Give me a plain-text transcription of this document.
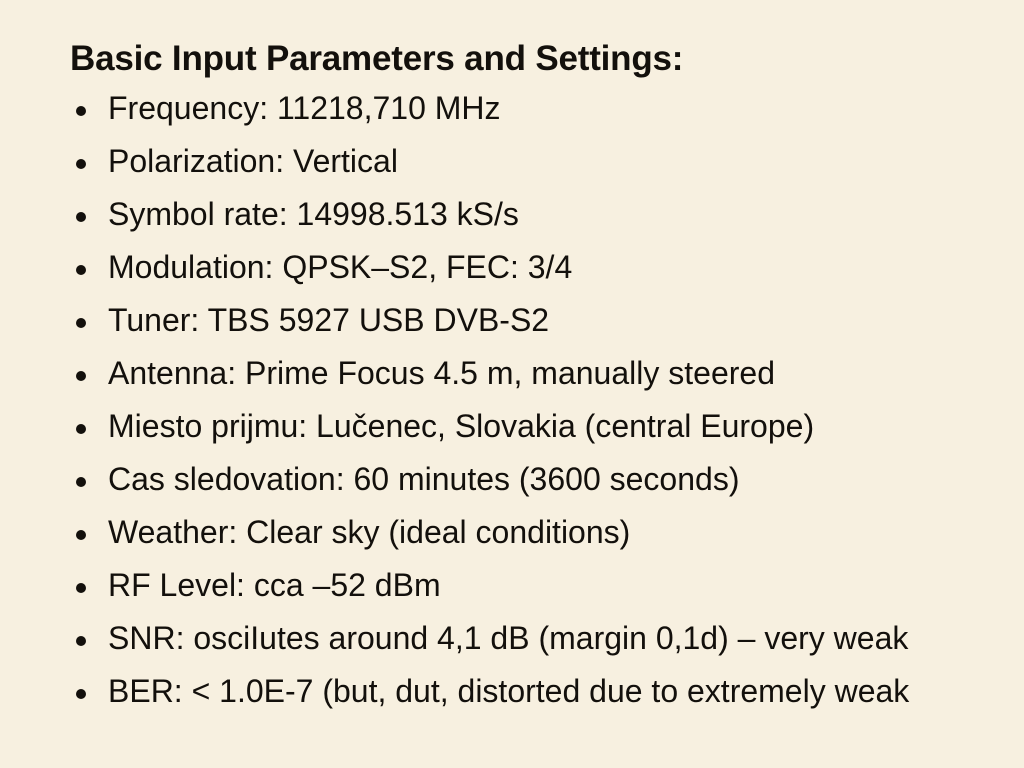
Basic Input Parameters and Settings:
Frequency: 11218,710 MHz
Polarization: Vertical
Symbol rate: 14998.513 kS/s
Modulation: QPSK–S2, FEC: 3/4
Tuner: TBS 5927 USB DVB-S2
Antenna: Prime Focus 4.5 m, manually steered
Miesto prijmu: Lučenec, Slovakia (central Europe)
Cas sledovation: 60 minutes (3600 seconds)
Weather: Clear sky (ideal conditions)
RF Level: cca –52 dBm
SNR: osciIutes around 4,1 dB (margin 0,1d) – very weak
BER: < 1.0E-7 (but, dut, distorted due to extremely weak
